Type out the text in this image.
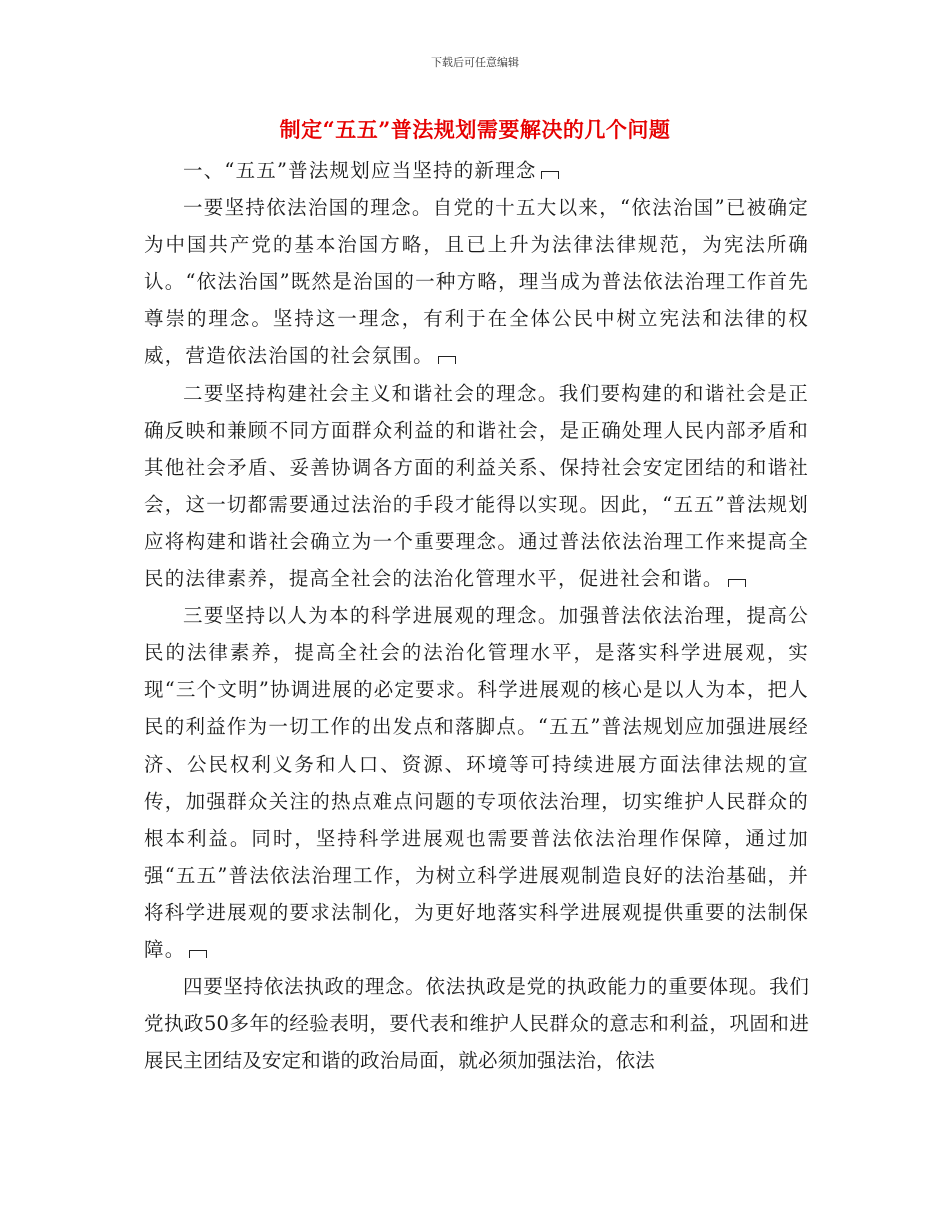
下载后可任意编辑
制定“五五”普法规划需要解决的几个问题

一、“五五”普法规划应当坚持的新理念

一要坚持依法治国的理念。自党的十五大以来，“依法治国”已被确定为中国共产党的基本治国方略，且已上升为法律法律规范，为宪法所确认。“依法治国”既然是治国的一种方略，理当成为普法依法治理工作首先尊崇的理念。坚持这一理念，有利于在全体公民中树立宪法和法律的权威，营造依法治国的社会氛围。

二要坚持构建社会主义和谐社会的理念。我们要构建的和谐社会是正确反映和兼顾不同方面群众利益的和谐社会，是正确处理人民内部矛盾和其他社会矛盾、妥善协调各方面的利益关系、保持社会安定团结的和谐社会，这一切都需要通过法治的手段才能得以实现。因此，“五五”普法规划应将构建和谐社会确立为一个重要理念。通过普法依法治理工作来提高全民的法律素养，提高全社会的法治化管理水平，促进社会和谐。

三要坚持以人为本的科学进展观的理念。加强普法依法治理，提高公民的法律素养，提高全社会的法治化管理水平，是落实科学进展观，实现“三个文明”协调进展的必定要求。科学进展观的核心是以人为本，把人民的利益作为一切工作的出发点和落脚点。“五五”普法规划应加强进展经济、公民权利义务和人口、资源、环境等可持续进展方面法律法规的宣传，加强群众关注的热点难点问题的专项依法治理，切实维护人民群众的根本利益。同时，坚持科学进展观也需要普法依法治理作保障，通过加强“五五”普法依法治理工作，为树立科学进展观制造良好的法治基础，并将科学进展观的要求法制化，为更好地落实科学进展观提供重要的法制保障。

四要坚持依法执政的理念。依法执政是党的执政能力的重要体现。我们党执政50多年的经验表明，要代表和维护人民群众的意志和利益，巩固和进展民主团结及安定和谐的政治局面，就必须加强法治，依法
